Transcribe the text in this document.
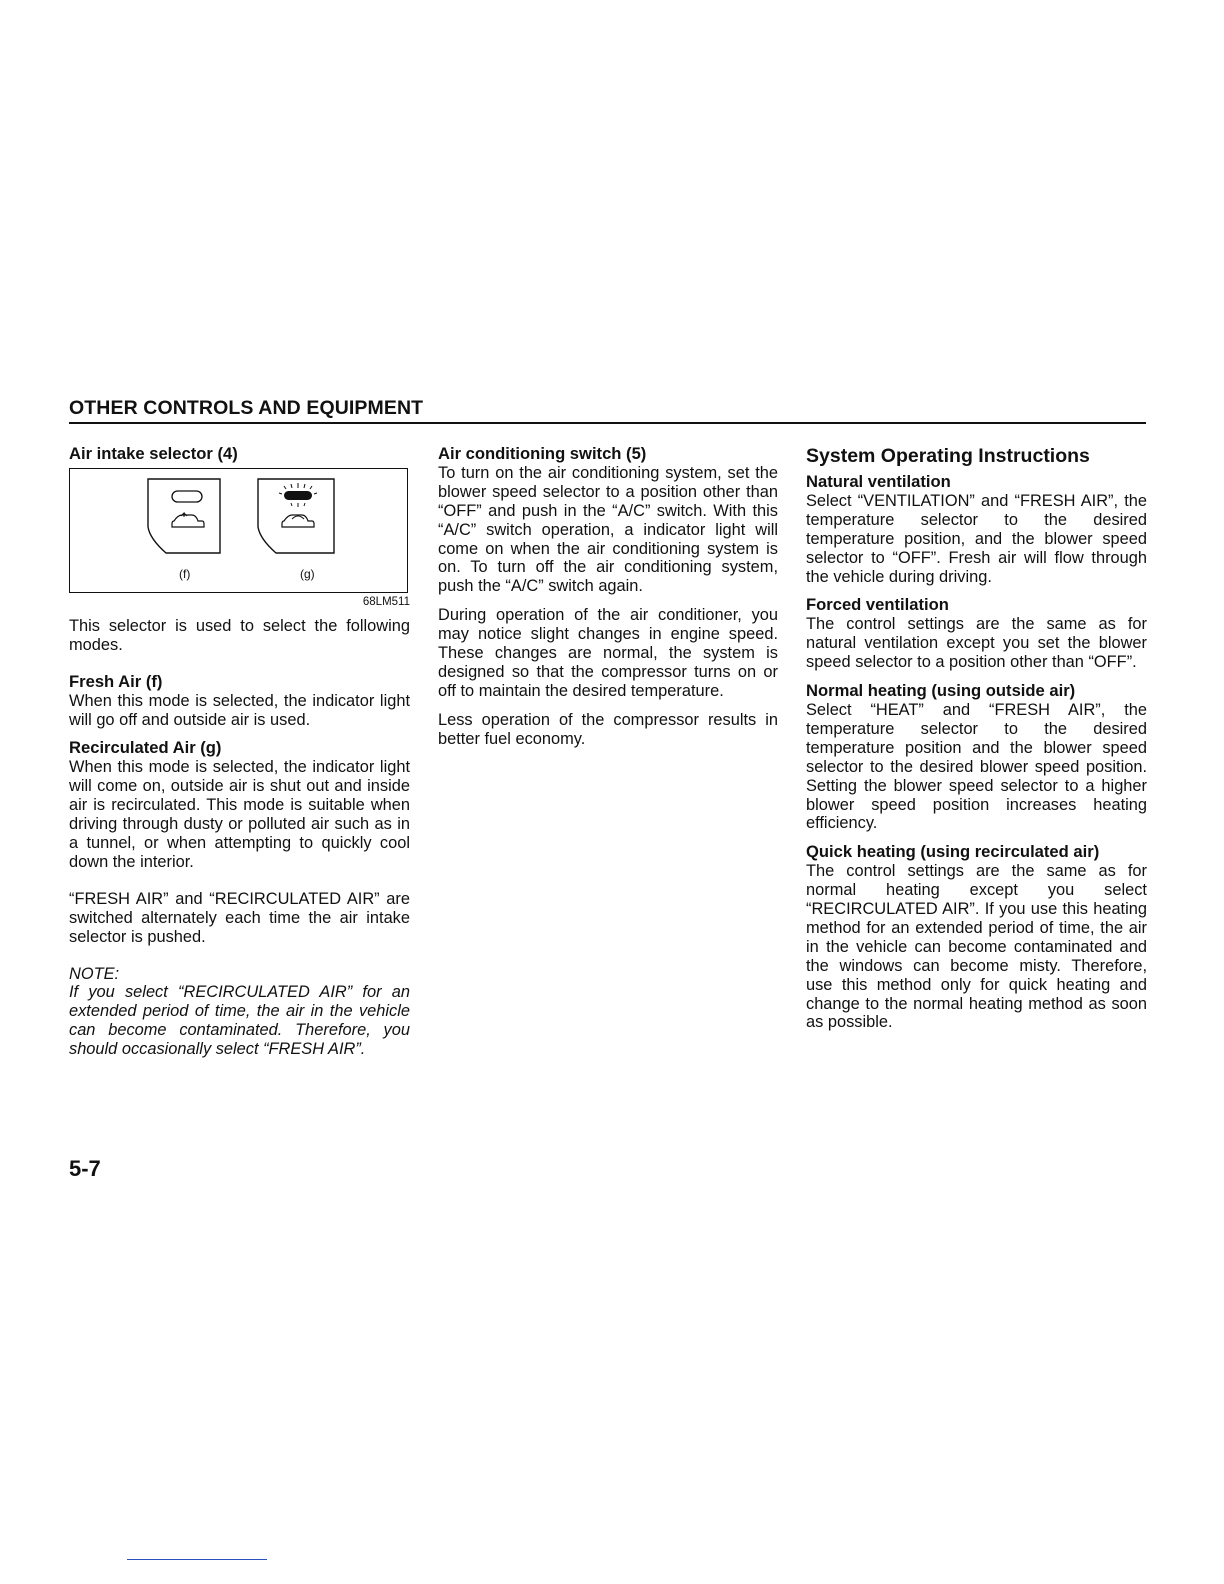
OTHER CONTROLS AND EQUIPMENT

Air intake selector (4)

(f)	(g)
68LM511

This selector is used to select the following modes.

Fresh Air (f)

When this mode is selected, the indicator light will go off and outside air is used.

Recirculated Air (g)

When this mode is selected, the indicator light will come on, outside air is shut out and inside air is recirculated. This mode is suitable when driving through dusty or polluted air such as in a tunnel, or when attempting to quickly cool down the interior.

“FRESH AIR” and “RECIRCULATED AIR” are switched alternately each time the air intake selector is pushed.

NOTE:

If you select “RECIRCULATED AIR” for an extended period of time, the air in the vehicle can become contaminated. Therefore, you should occasionally select “FRESH AIR”.

Air conditioning switch (5)

To turn on the air conditioning system, set the blower speed selector to a position other than “OFF” and push in the “A/C” switch. With this “A/C” switch operation, a indicator light will come on when the air conditioning system is on. To turn off the air conditioning system, push the “A/C” switch again.

During operation of the air conditioner, you may notice slight changes in engine speed. These changes are normal, the system is designed so that the compressor turns on or off to maintain the desired temperature.

Less operation of the compressor results in better fuel economy.

System Operating Instructions

Natural ventilation

Select “VENTILATION” and “FRESH AIR”, the temperature selector to the desired temperature position, and the blower speed selector to “OFF”. Fresh air will flow through the vehicle during driving.

Forced ventilation

The control settings are the same as for natural ventilation except you set the blower speed selector to a position other than “OFF”.

Normal heating (using outside air)

Select “HEAT” and “FRESH AIR”, the temperature selector to the desired temperature position and the blower speed selector to the desired blower speed position. Setting the blower speed selector to a higher blower speed position increases heating efficiency.

Quick heating (using recirculated air)

The control settings are the same as for normal heating except you select “RECIRCULATED AIR”. If you use this heating method for an extended period of time, the air in the vehicle can become contaminated and the windows can become misty. Therefore, use this method only for quick heating and change to the normal heating method as soon as possible.

5-7
